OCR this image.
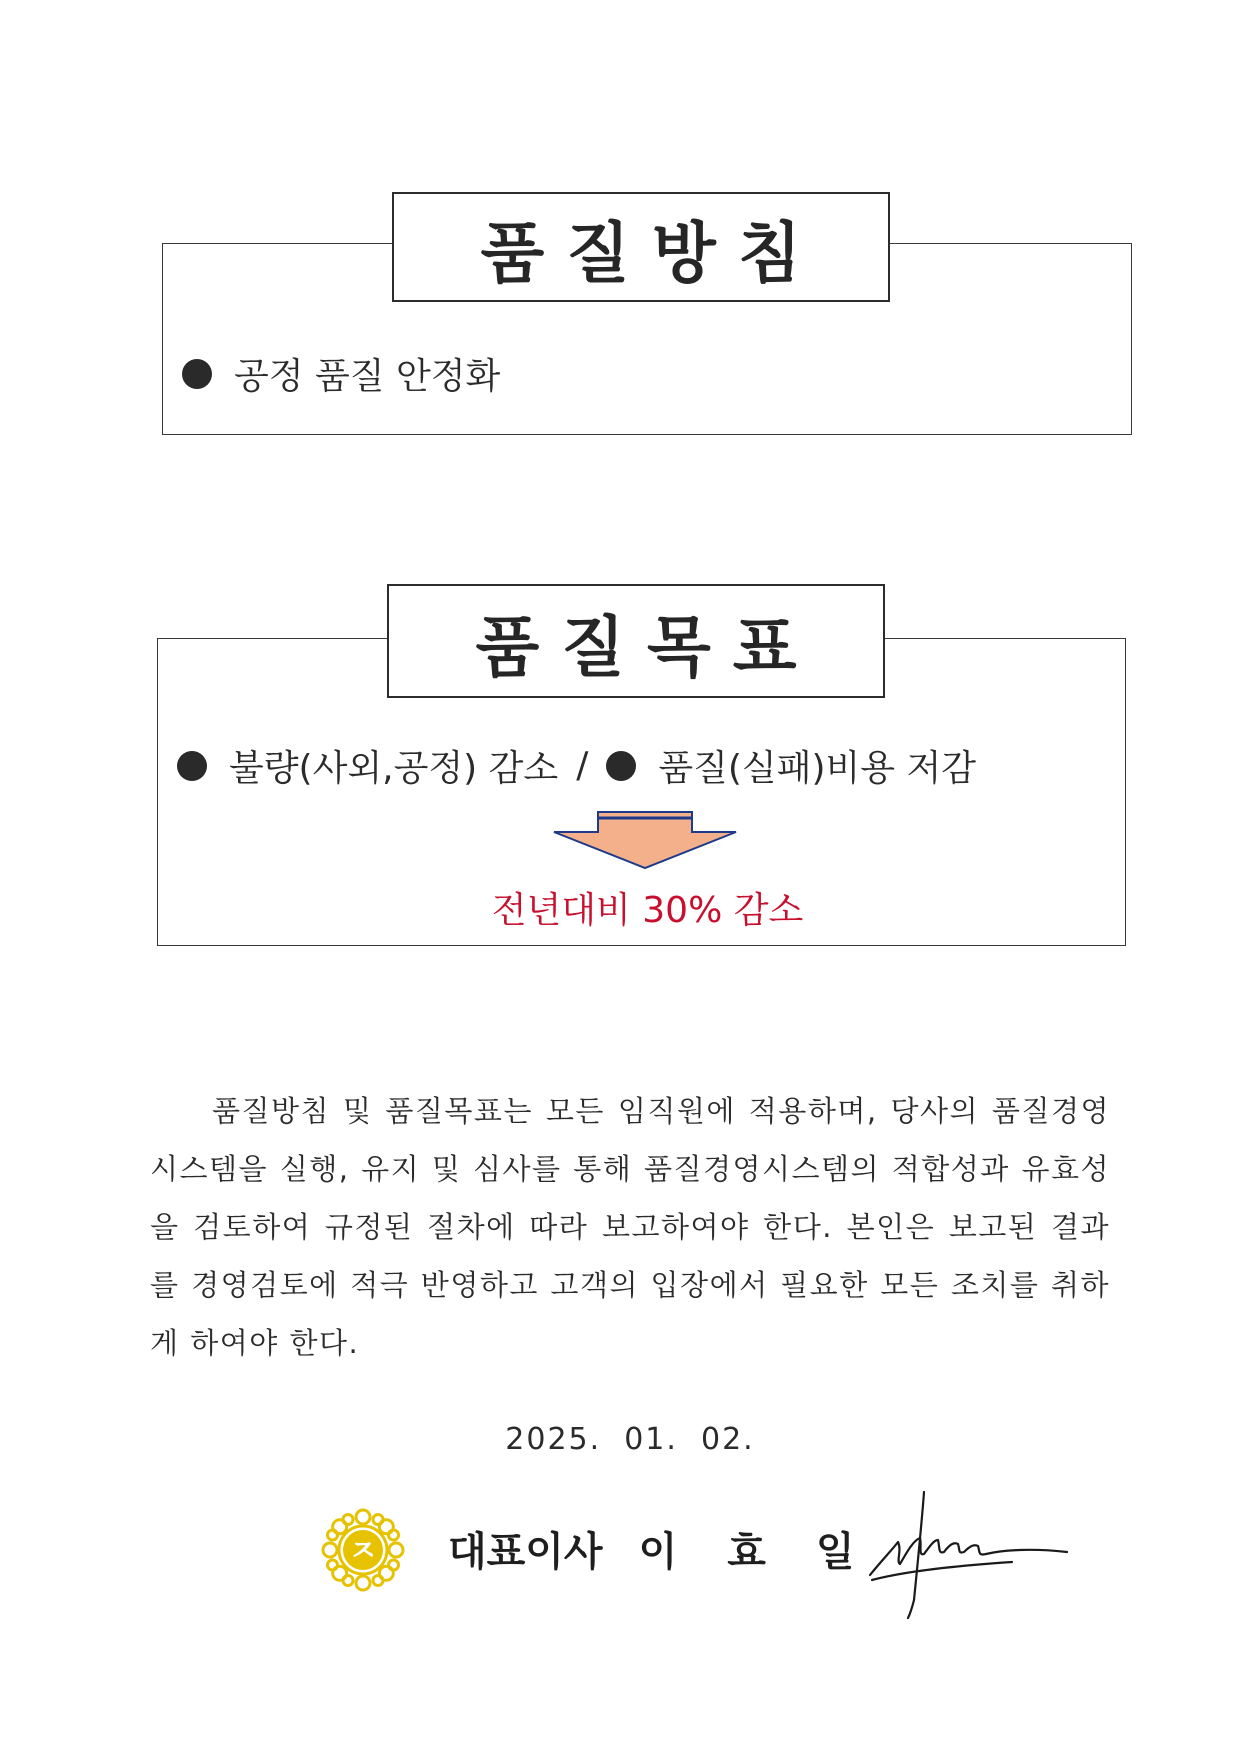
품질방침
공정 품질 안정화
품질목표
불량(사외,공정) 감소 / 품질(실패)비용 저감
전년대비 30% 감소
품질방침 및 품질목표는 모든 임직원에 적용하며, 당사의 품질경영 시스템을 실행, 유지 및 심사를 통해 품질경영시스템의 적합성과 유효성을 검토하여 규정된 절차에 따라 보고하여야 한다. 본인은 보고된 결과를 경영검토에 적극 반영하고 고객의 입장에서 필요한 모든 조치를 취하게 하여야 한다.
2025.  01.  02.
ㅈ 대표이사 이효일
